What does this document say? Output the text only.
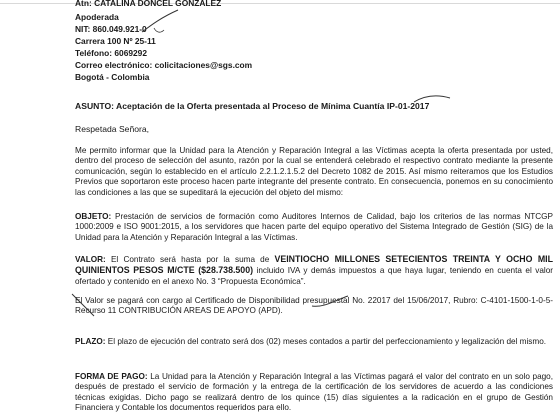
Atn: CATALINA DONCEL GONZALEZ
Apoderada
NIT: 860.049.921-0
Carrera 100 Nº 25-11
Teléfono: 6069292
Correo electrónico: colicitaciones@sgs.com
Bogotá - Colombia
ASUNTO: Aceptación de la Oferta presentada al Proceso de Mínima Cuantía IP-01-2017
Respetada Señora,
Me permito informar que la Unidad para la Atención y Reparación Integral a las Víctimas acepta la oferta presentada por usted, dentro del proceso de selección del asunto, razón por la cual se entenderá celebrado el respectivo contrato mediante la presente comunicación, según lo establecido en el artículo 2.2.1.2.1.5.2 del Decreto 1082 de 2015. Así mismo reiteramos que los Estudios Previos que soportaron este proceso hacen parte integrante del presente contrato. En consecuencia, ponemos en su conocimiento las condiciones a las que se supeditará la ejecución del objeto del mismo:
OBJETO: Prestación de servicios de formación como Auditores Internos de Calidad, bajo los criterios de las normas NTCGP 1000:2009 e ISO 9001:2015, a los servidores que hacen parte del equipo operativo del Sistema Integrado de Gestión (SIG) de la Unidad para la Atención y Reparación Integral a las Víctimas.
VALOR: El Contrato será hasta por la suma de VEINTIOCHO MILLONES SETECIENTOS TREINTA Y OCHO MIL QUINIENTOS PESOS M/CTE ($28.738.500) incluido IVA y demás impuestos a que haya lugar, teniendo en cuenta el valor ofertado y contenido en el anexo No. 3 “Propuesta Económica”.
El Valor se pagará con cargo al Certificado de Disponibilidad presupuestal No. 22017 del 15/06/2017, Rubro: C-4101-1500-1-0-5-Recurso 11 CONTRIBUCIÓN AREAS DE APOYO (APD).
PLAZO: El plazo de ejecución del contrato será dos (02) meses contados a partir del perfeccionamiento y legalización del mismo.
FORMA DE PAGO: La Unidad para la Atención y Reparación Integral a las Víctimas pagará el valor del contrato en un solo pago, después de prestado el servicio de formación y la entrega de la certificación de los servidores de acuerdo a las condiciones técnicas exigidas. Dicho pago se realizará dentro de los quince (15) días siguientes a la radicación en el grupo de Gestión Financiera y Contable los documentos requeridos para ello.
